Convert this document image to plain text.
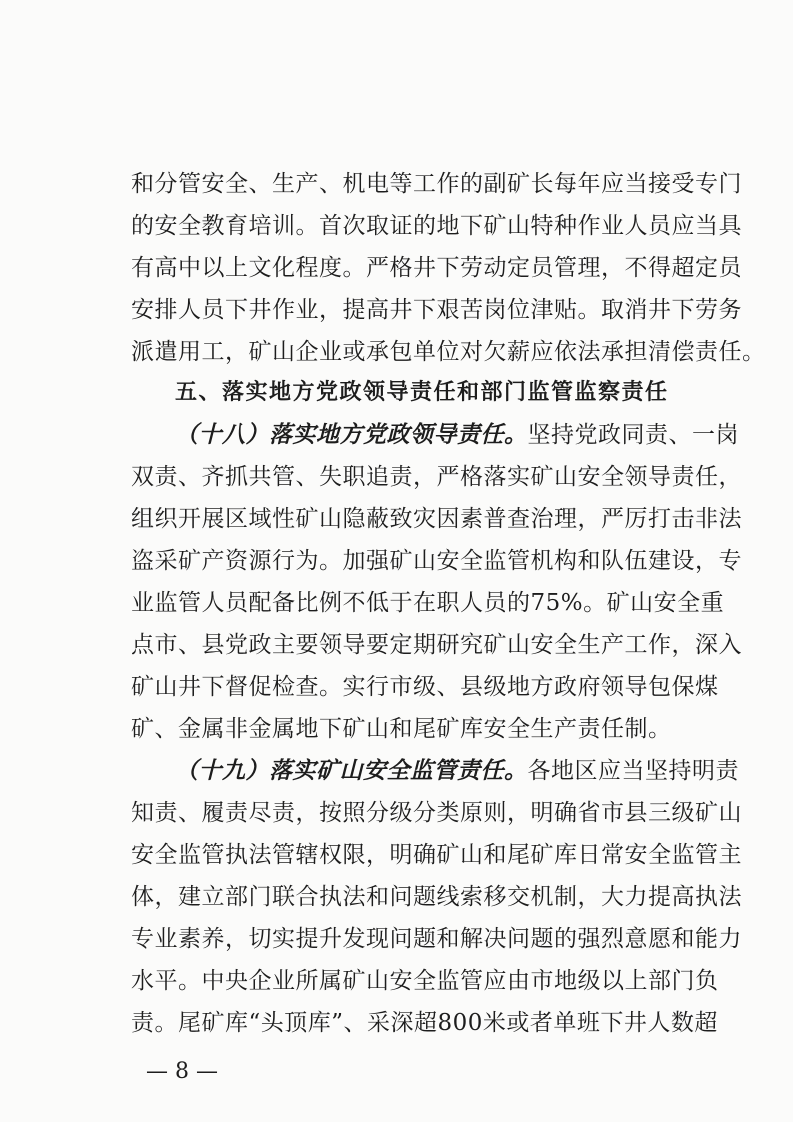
和分管安全、生产、机电等工作的副矿长每年应当接受专门
的安全教育培训。首次取证的地下矿山特种作业人员应当具
有高中以上文化程度。严格井下劳动定员管理，不得超定员
安排人员下井作业，提高井下艰苦岗位津贴。取消井下劳务
派遣用工，矿山企业或承包单位对欠薪应依法承担清偿责任。
五、落实地方党政领导责任和部门监管监察责任
（十八）落实地方党政领导责任。坚持党政同责、一岗
双责、齐抓共管、失职追责，严格落实矿山安全领导责任，
组织开展区域性矿山隐蔽致灾因素普查治理，严厉打击非法
盗采矿产资源行为。加强矿山安全监管机构和队伍建设，专
业监管人员配备比例不低于在职人员的75%。矿山安全重
点市、县党政主要领导要定期研究矿山安全生产工作，深入
矿山井下督促检查。实行市级、县级地方政府领导包保煤
矿、金属非金属地下矿山和尾矿库安全生产责任制。
（十九）落实矿山安全监管责任。各地区应当坚持明责
知责、履责尽责，按照分级分类原则，明确省市县三级矿山
安全监管执法管辖权限，明确矿山和尾矿库日常安全监管主
体，建立部门联合执法和问题线索移交机制，大力提高执法
专业素养，切实提升发现问题和解决问题的强烈意愿和能力
水平。中央企业所属矿山安全监管应由市地级以上部门负
责。尾矿库“头顶库”、采深超800米或者单班下井人数超
— 8 —
